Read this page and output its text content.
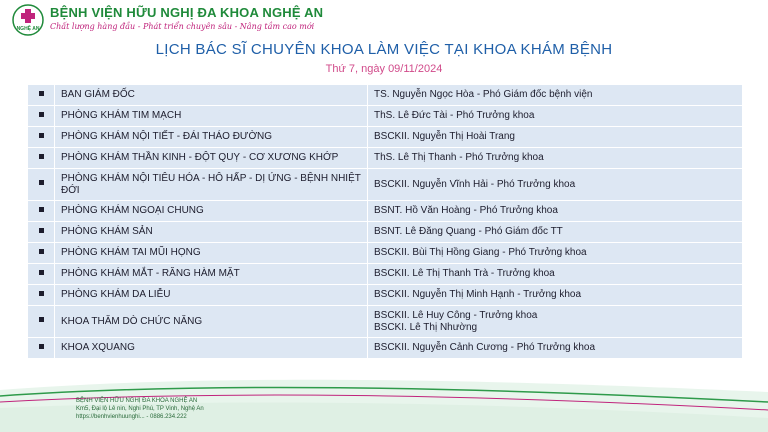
NGHỆ AN
BỆNH VIỆN HỮU NGHỊ ĐA KHOA NGHỆ AN
Chất lượng hàng đầu - Phát triển chuyên sâu - Nâng tầm cao mới
LỊCH BÁC SĨ CHUYÊN KHOA LÀM VIỆC TẠI KHOA KHÁM BỆNH
Thứ 7, ngày 09/11/2024
	BAN GIÁM ĐỐC	TS. Nguyễn Ngọc Hòa - Phó Giám đốc bệnh viện
	PHÒNG KHÁM TIM MẠCH	ThS. Lê Đức Tài - Phó Trưởng khoa
	PHÒNG KHÁM NỘI TIẾT - ĐÁI THÁO ĐƯỜNG	BSCKII. Nguyễn Thị Hoài Trang
	PHÒNG KHÁM THẦN KINH - ĐỘT QUỴ - CƠ XƯƠNG KHỚP	ThS. Lê Thị Thanh - Phó Trưởng khoa
	PHÒNG KHÁM NỘI TIÊU HÓA - HÔ HẤP - DỊ ỨNG - BỆNH NHIỆT ĐỚI	BSCKII. Nguyễn Vĩnh Hải - Phó Trưởng khoa
	PHÒNG KHÁM NGOẠI CHUNG	BSNT. Hồ Văn Hoàng - Phó Trưởng khoa
	PHÒNG KHÁM SẢN	BSNT. Lê Đăng Quang - Phó Giám đốc TT
	PHÒNG KHÁM TAI MŨI HỌNG	BSCKII. Bùi Thị Hồng Giang - Phó Trưởng khoa
	PHÒNG KHÁM MẮT - RĂNG HÀM MẶT	BSCKII. Lê Thị Thanh Trà - Trưởng khoa
	PHÒNG KHÁM DA LIỄU	BSCKII. Nguyễn Thị Minh Hạnh - Trưởng khoa
	KHOA THĂM DÒ CHỨC NĂNG	BSCKII. Lê Huy Công - Trưởng khoa
BSCKI. Lê Thị Nhường

	KHOA XQUANG	BSCKII. Nguyễn Cảnh Cương - Phó Trưởng khoa
BỆNH VIỆN HỮU NGHỊ ĐA KHOA NGHỆ AN
Km5, Đại lộ Lê nin, Nghi Phú, TP Vinh, Nghệ An
https://benhvienhuunghi... - 0886.234.222
